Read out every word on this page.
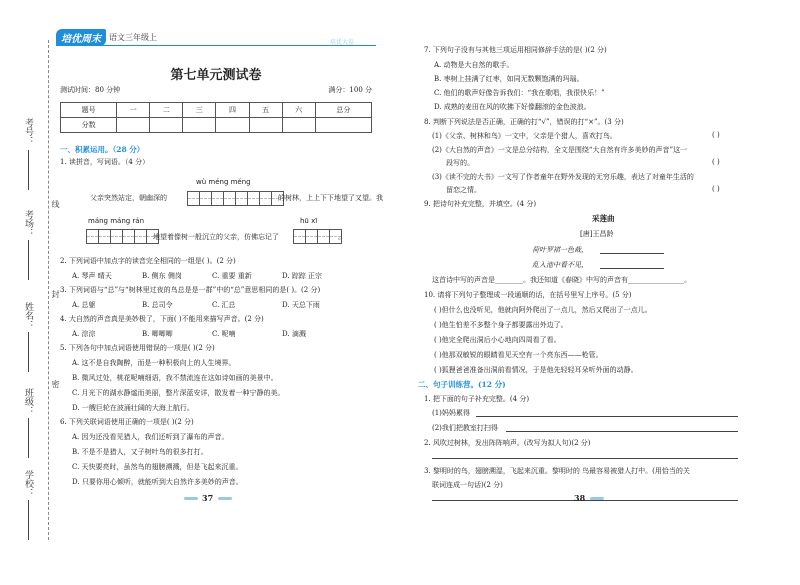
考号：
考场：
姓名：
班级：
学校：
线
封
密
培优周末	语文三年级上
培优大卷
第七单元测试卷
测试时间：80 分钟	满分：100 分
题号	一	二	三	四	五	六	总分
分数							
一、积累运用。（28 分）
1. 读拼音，写词语。（4 分）
wù méng méng
父亲突然站定，朝幽深的	的树林，上上下下地望了又望。我
máng máng rán	hū xī
地望着像树一般沉立的父亲，仿佛忘记了	。
2. 下列词语中加点字的读音完全相同的一组是( )。(2 分)
A. 琴声 晴天	B. 侧东 侧岗	C. 重要 重新	D. 踪踪 正宗
3. 下列词语与“总”与“树林里过夜的鸟总是是一群”中的“总”意思相同的是( )。(2 分)
A. 总躯	B. 总司令	C. 汇总	D. 天总下雨
4. 大自然的声音真是美妙极了，下面( )不能用来描写声音。(2 分)
A. 淙淙	B. 唧唧唧	C. 呢喃	D. 滴溅
5. 下列各句中加点词语使用错误的一项是( )(2 分)
A. 这不是自我陶醉，而是一种积极向上的人生境界。
B. 微风过处，桃花呢喃细语，我不禁流连在这如诗如画的美景中。
C. 月光下的湖水静谧而美丽，整片深蓝安详，散发着一种宁静的美。
D. 一艘巨轮在波涌壮阔的大海上航行。
6. 下列关联词语使用正确的一项是( )(2 分)
A. 因为还没看见猎人，我们还听到了瀑布的声音。
B. 不是不是猎人，又子树叶鸟的很多打打。
C. 天快要亮时，虽然鸟的翅膀溯溅，但是飞起来沉重。
D. 只要你用心倾听，就能听到大自然许多美妙的声音。
37
7. 下列句子没有与其他三项运用相同修辞手法的是( )(2 分)
A. 动物是大自然的歌手。
B. 枣树上挂满了红枣，如同无数颗饱满的玛瑙。
C. 他们的歌声好像告诉我们：“我在歌唱，我很快乐！”
D. 成熟的麦田在风的吹拂下好像翻滚的金色波浪。
8. 判断下列说法是否正确，正确的打“√”，错误的打“×”。(3 分)
(1)《父亲、树林和鸟》一文中，父亲是个猎人，喜欢打鸟。	( )
(2)《大自然的声音》一文是总分结构，全文是围绕“大自然有许多美妙的声音”这一
段写的。	( )
(3)《读不完的大书》一文写了作者童年在野外发现的无穷乐趣，表达了对童年生活的
留恋之情。	( )
9. 把诗句补充完整，并填空。(4 分)
采莲曲
[唐]王昌龄
荷叶罗裙一色裁，
乱入池中看不见，
这首诗中写的声音是________。我还知道《春晓》中写的声音有________________。
10. 请将下列句子整理成一段通顺的话，在括号里写上序号。(5 分)
( )但什么也没听见，他就向阿外爬出了一点儿，然后又爬出了一点儿。
( )他生怕差不多整个身子都要露出外边了。
( )他完全爬出洞后小心地向四周看了看。
( )他那双敏锐的眼睛看见天空有一个亮东西——枪管。
( )狐狸爸爸准备出洞前看情况，于是他先轻轻耳朵听外面的动静。
二、句子训练营。(12 分)
1. 把下面的句子补充完整。(4 分)
(1)妈妈累得
(2)我们把教室打扫得
2. 风吹过树林，发出阵阵响声。(改写为拟人句)(2 分)
3. 黎明时的鸟，翅膀溯湿，飞起来沉重。黎明时的 鸟最容易被猎人打中。(用恰当的关
联词连成一句话)(2 分)
38
